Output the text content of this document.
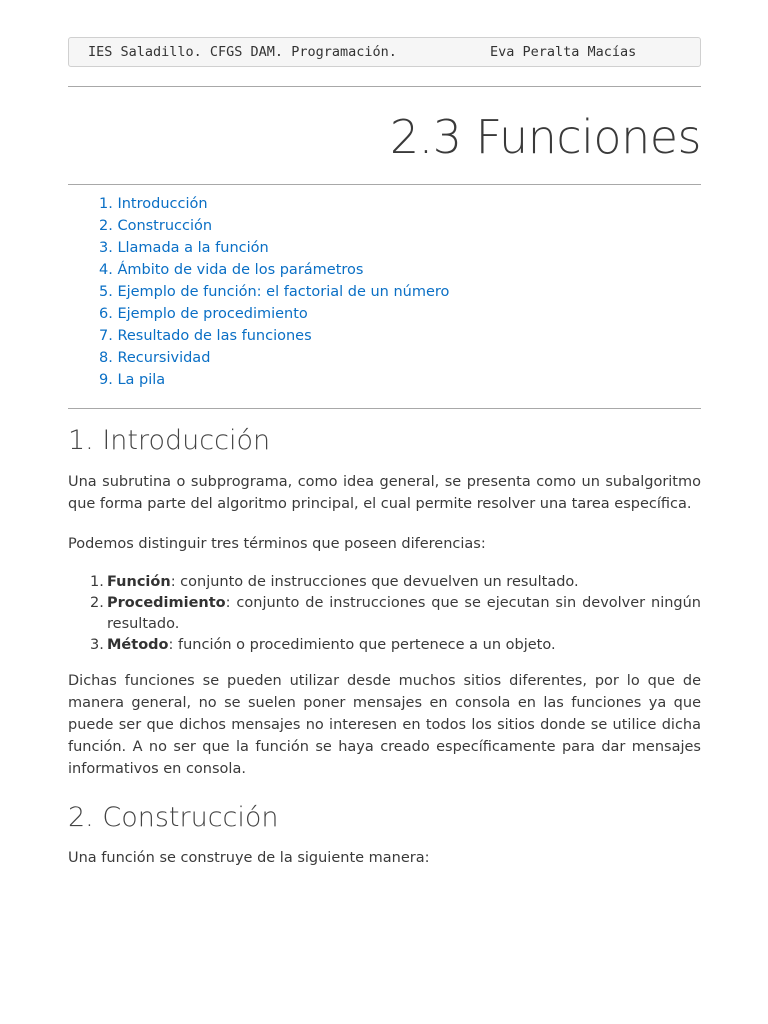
IES Saladillo. CFGS DAM. Programación.	Eva Peralta Macías
2.3 Funciones
1. Introducción
2. Construcción
3. Llamada a la función
4. Ámbito de vida de los parámetros
5. Ejemplo de función: el factorial de un número
6. Ejemplo de procedimiento
7. Resultado de las funciones
8. Recursividad
9. La pila
1. Introducción

Una subrutina o subprograma, como idea general, se presenta como un subalgoritmo que forma parte del algoritmo principal, el cual permite resolver una tarea específica.

Podemos distinguir tres términos que poseen diferencias:

1. Función: conjunto de instrucciones que devuelven un resultado.
2. Procedimiento: conjunto de instrucciones que se ejecutan sin devolver ningún resultado.
3. Método: función o procedimiento que pertenece a un objeto.

Dichas funciones se pueden utilizar desde muchos sitios diferentes, por lo que de manera general, no se suelen poner mensajes en consola en las funciones ya que puede ser que dichos mensajes no interesen en todos los sitios donde se utilice dicha función. A no ser que la función se haya creado específicamente para dar mensajes informativos en consola.

2. Construcción

Una función se construye de la siguiente manera:
